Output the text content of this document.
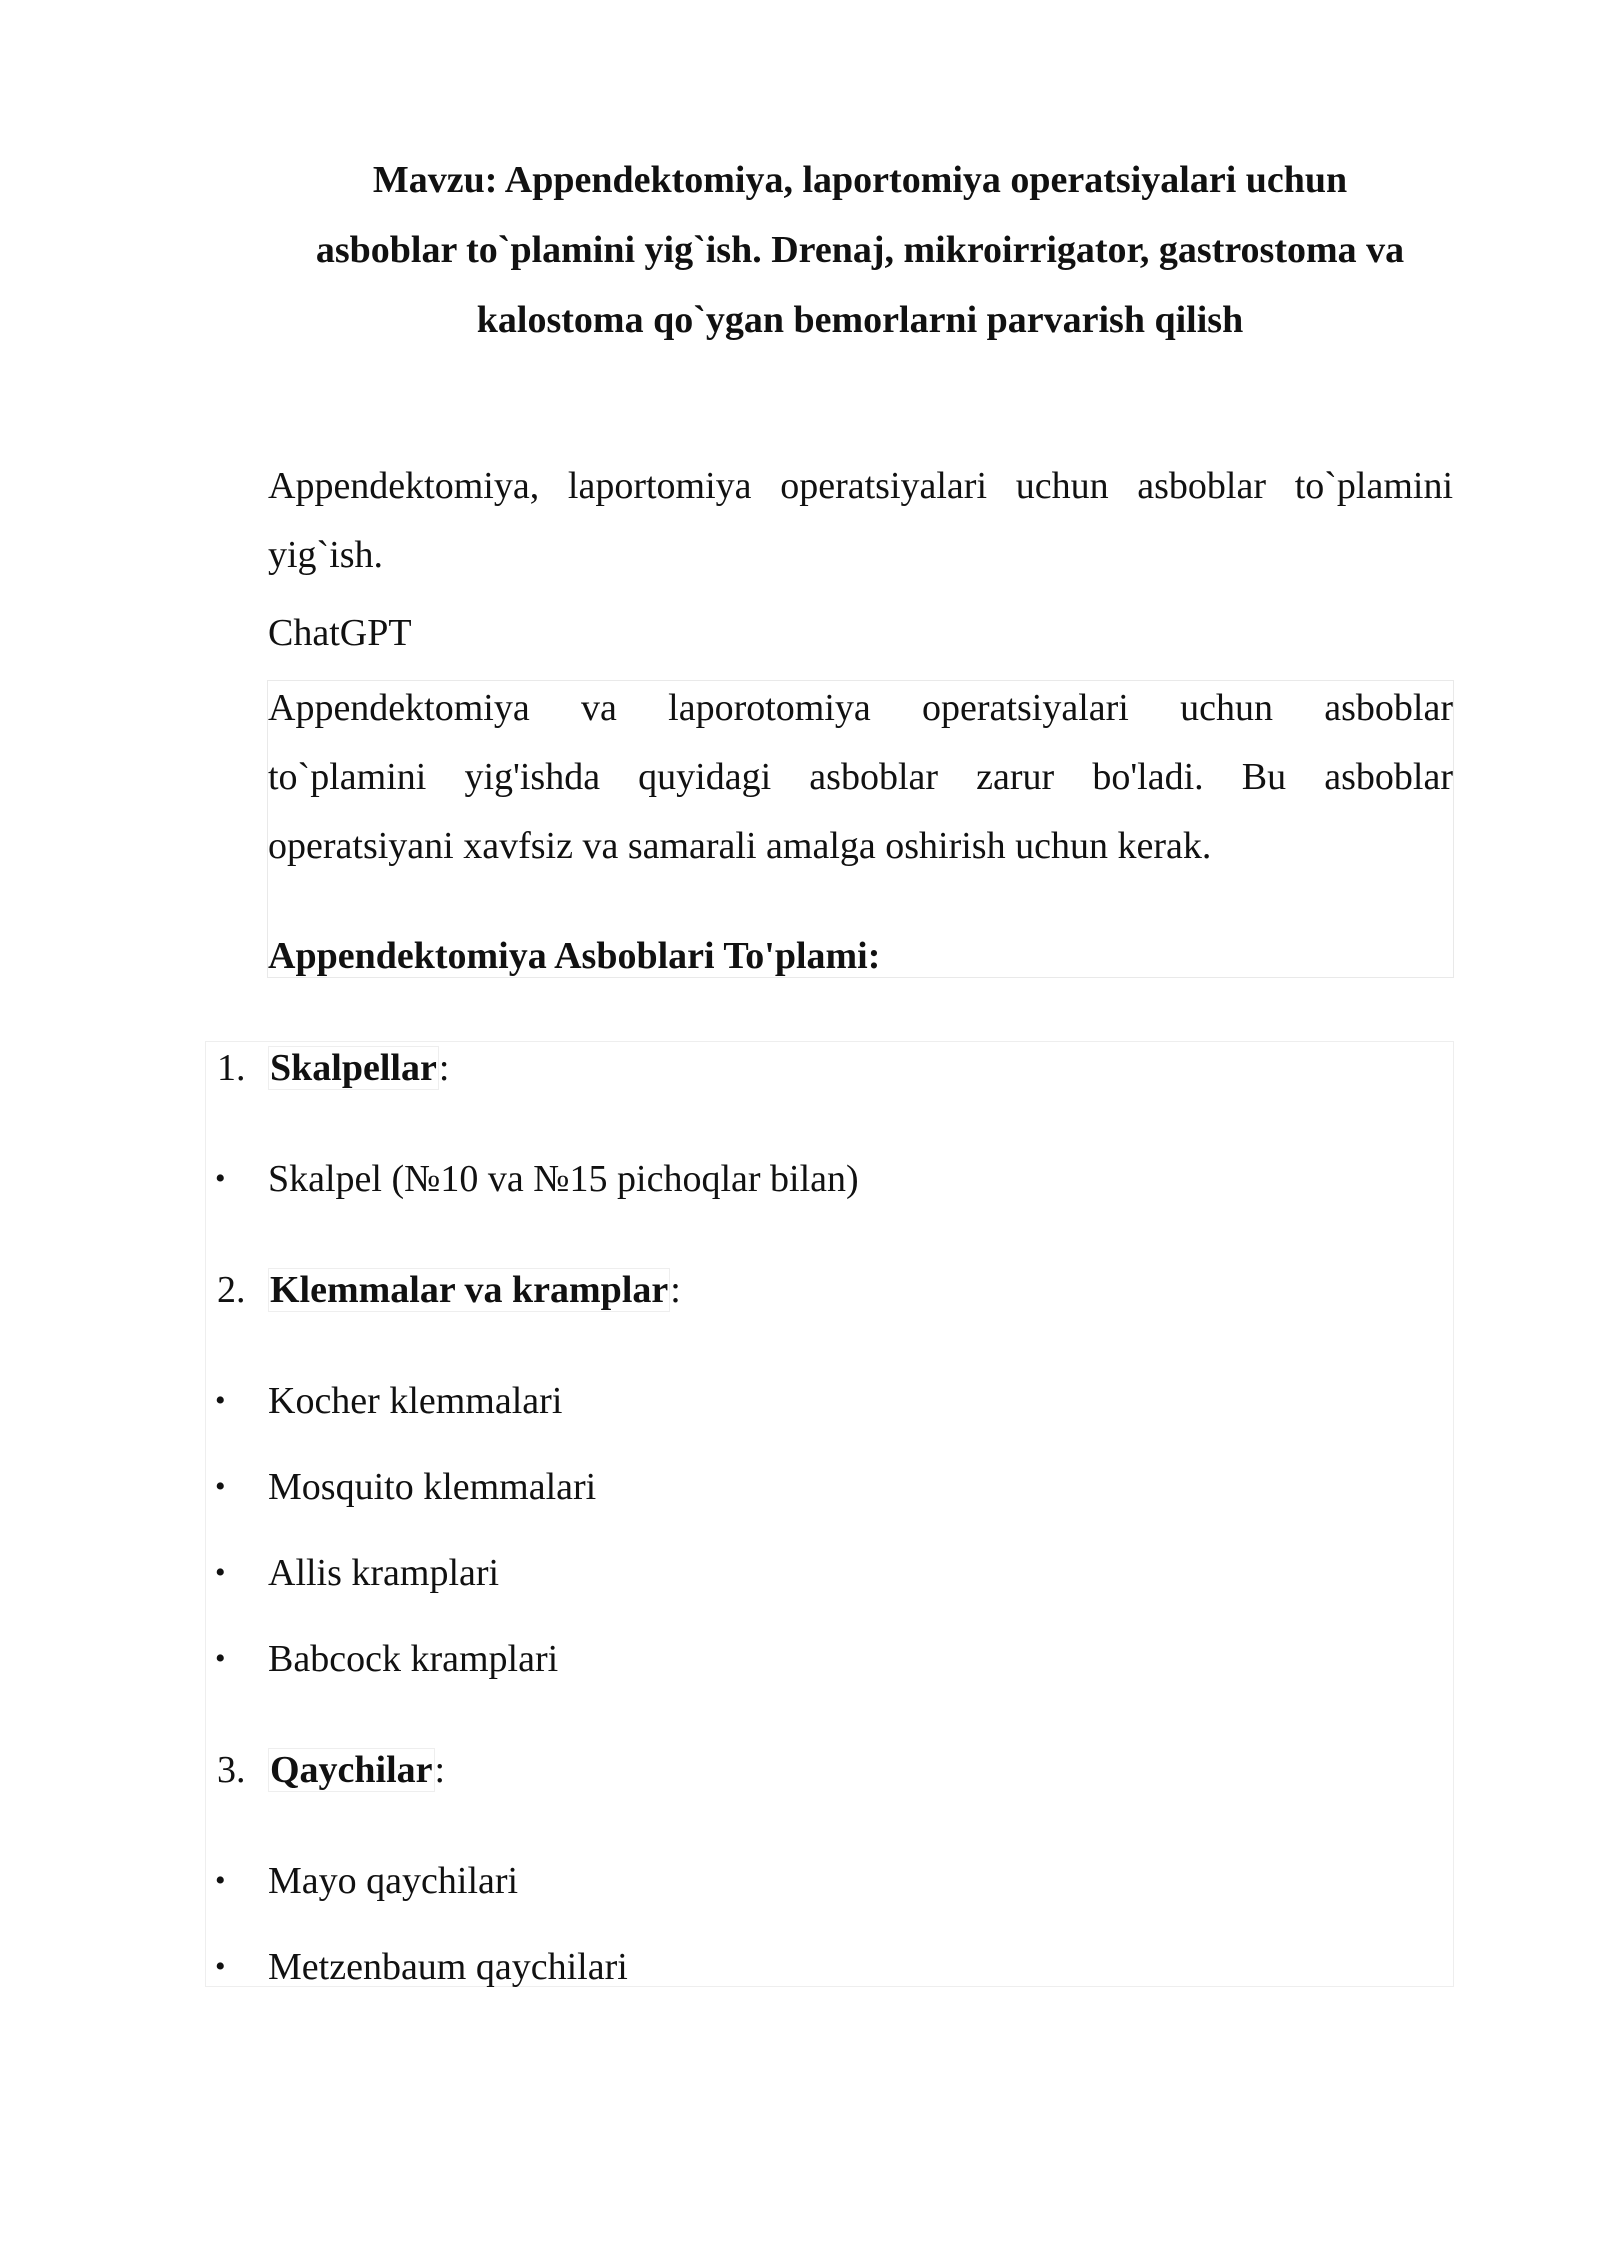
Mavzu: Appendektomiya, laportomiya operatsiyalari uchun
asboblar to`plamini yig`ish. Drenaj, mikroirrigator, gastrostoma va
kalostoma qo`ygan bemorlarni parvarish qilish
Appendektomiya, laportomiya operatsiyalari uchun asboblar to`plamini
yig`ish.
ChatGPT
Appendektomiya va laporotomiya operatsiyalari uchun asboblar
to`plamini yig'ishda quyidagi asboblar zarur bo'ladi. Bu asboblar
operatsiyani xavfsiz va samarali amalga oshirish uchun kerak.
Appendektomiya Asboblari To'plami:
1. Skalpellar:
• Skalpel (№10 va №15 pichoqlar bilan)
2. Klemmalar va kramplar:
• Kocher klemmalari
• Mosquito klemmalari
• Allis kramplari
• Babcock kramplari
3. Qaychilar:
• Mayo qaychilari
• Metzenbaum qaychilari
